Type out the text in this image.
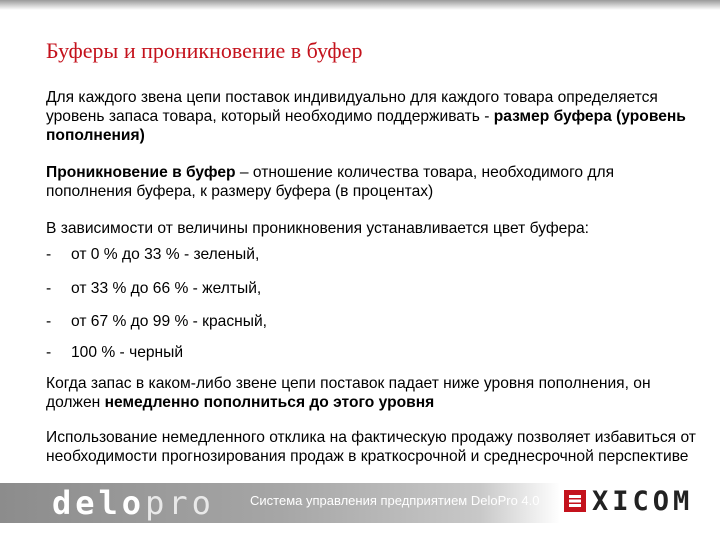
Буферы и проникновение в буфер
Для каждого звена цепи поставок индивидуально для каждого товара определяется уровень запаса товара, который необходимо поддерживать - размер буфера (уровень пополнения)
Проникновение в буфер – отношение количества товара, необходимого для пополнения буфера, к размеру буфера (в процентах)
В зависимости от величины проникновения устанавливается цвет буфера:
- от 0 % до 33 % - зеленый,
- от 33 % до 66 % - желтый,
- от 67 % до 99 % - красный,
- 100 % - черный
Когда запас в каком-либо звене цепи поставок падает ниже уровня пополнения, он должен немедленно пополниться до этого уровня
Использование немедленного отклика на фактическую продажу позволяет избавиться от необходимости прогнозирования продаж в краткосрочной и среднесрочной перспективе
delopro	Система управления предприятием DeloPro 4.0 XICOM
